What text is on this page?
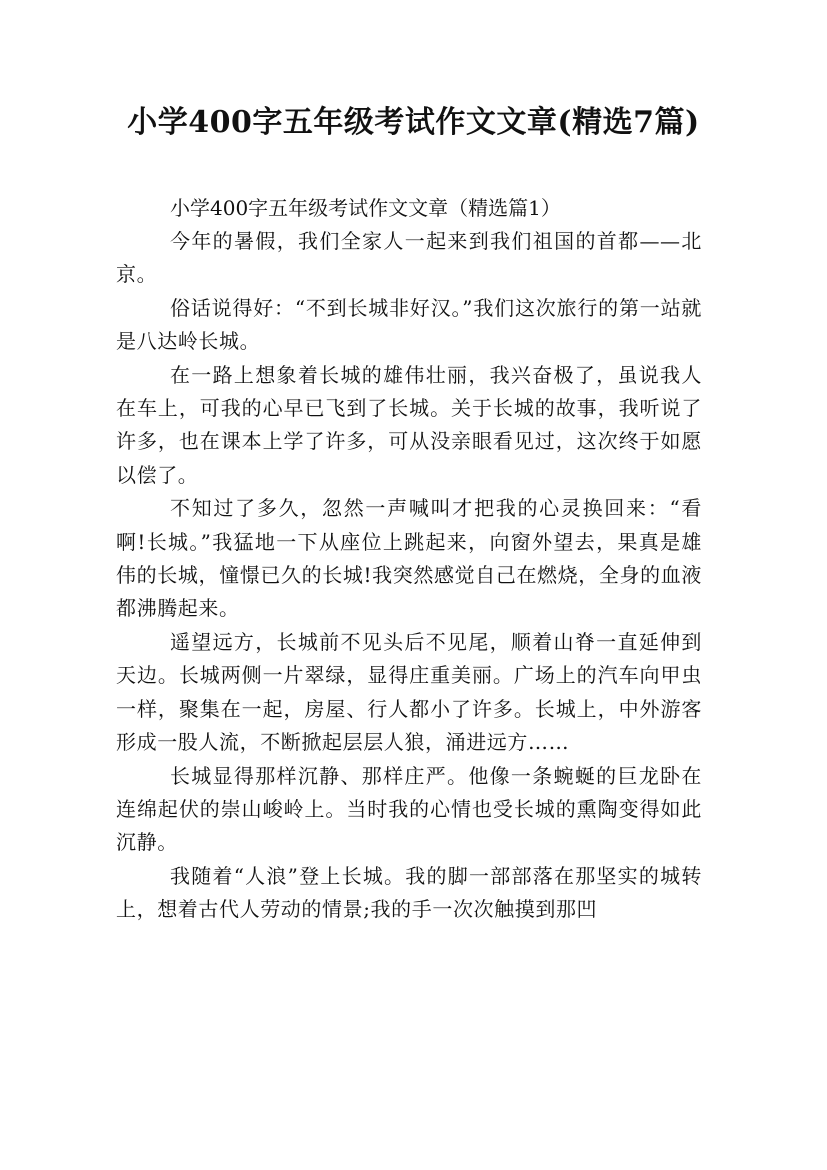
小学400字五年级考试作文文章(精选7篇)

小学400字五年级考试作文文章（精选篇1）

今年的暑假，我们全家人一起来到我们祖国的首都——北京。

俗话说得好：“不到长城非好汉。”我们这次旅行的第一站就是八达岭长城。

在一路上想象着长城的雄伟壮丽，我兴奋极了，虽说我人在车上，可我的心早已飞到了长城。关于长城的故事，我听说了许多，也在课本上学了许多，可从没亲眼看见过，这次终于如愿以偿了。

不知过了多久，忽然一声喊叫才把我的心灵换回来：“看啊!长城。”我猛地一下从座位上跳起来，向窗外望去，果真是雄伟的长城，憧憬已久的长城!我突然感觉自己在燃烧，全身的血液都沸腾起来。

遥望远方，长城前不见头后不见尾，顺着山脊一直延伸到天边。长城两侧一片翠绿，显得庄重美丽。广场上的汽车向甲虫一样，聚集在一起，房屋、行人都小了许多。长城上，中外游客形成一股人流，不断掀起层层人狼，涌进远方……

长城显得那样沉静、那样庄严。他像一条蜿蜒的巨龙卧在连绵起伏的崇山峻岭上。当时我的心情也受长城的熏陶变得如此沉静。

我随着“人浪”登上长城。我的脚一部部落在那坚实的城转上，想着古代人劳动的情景;我的手一次次触摸到那凹
